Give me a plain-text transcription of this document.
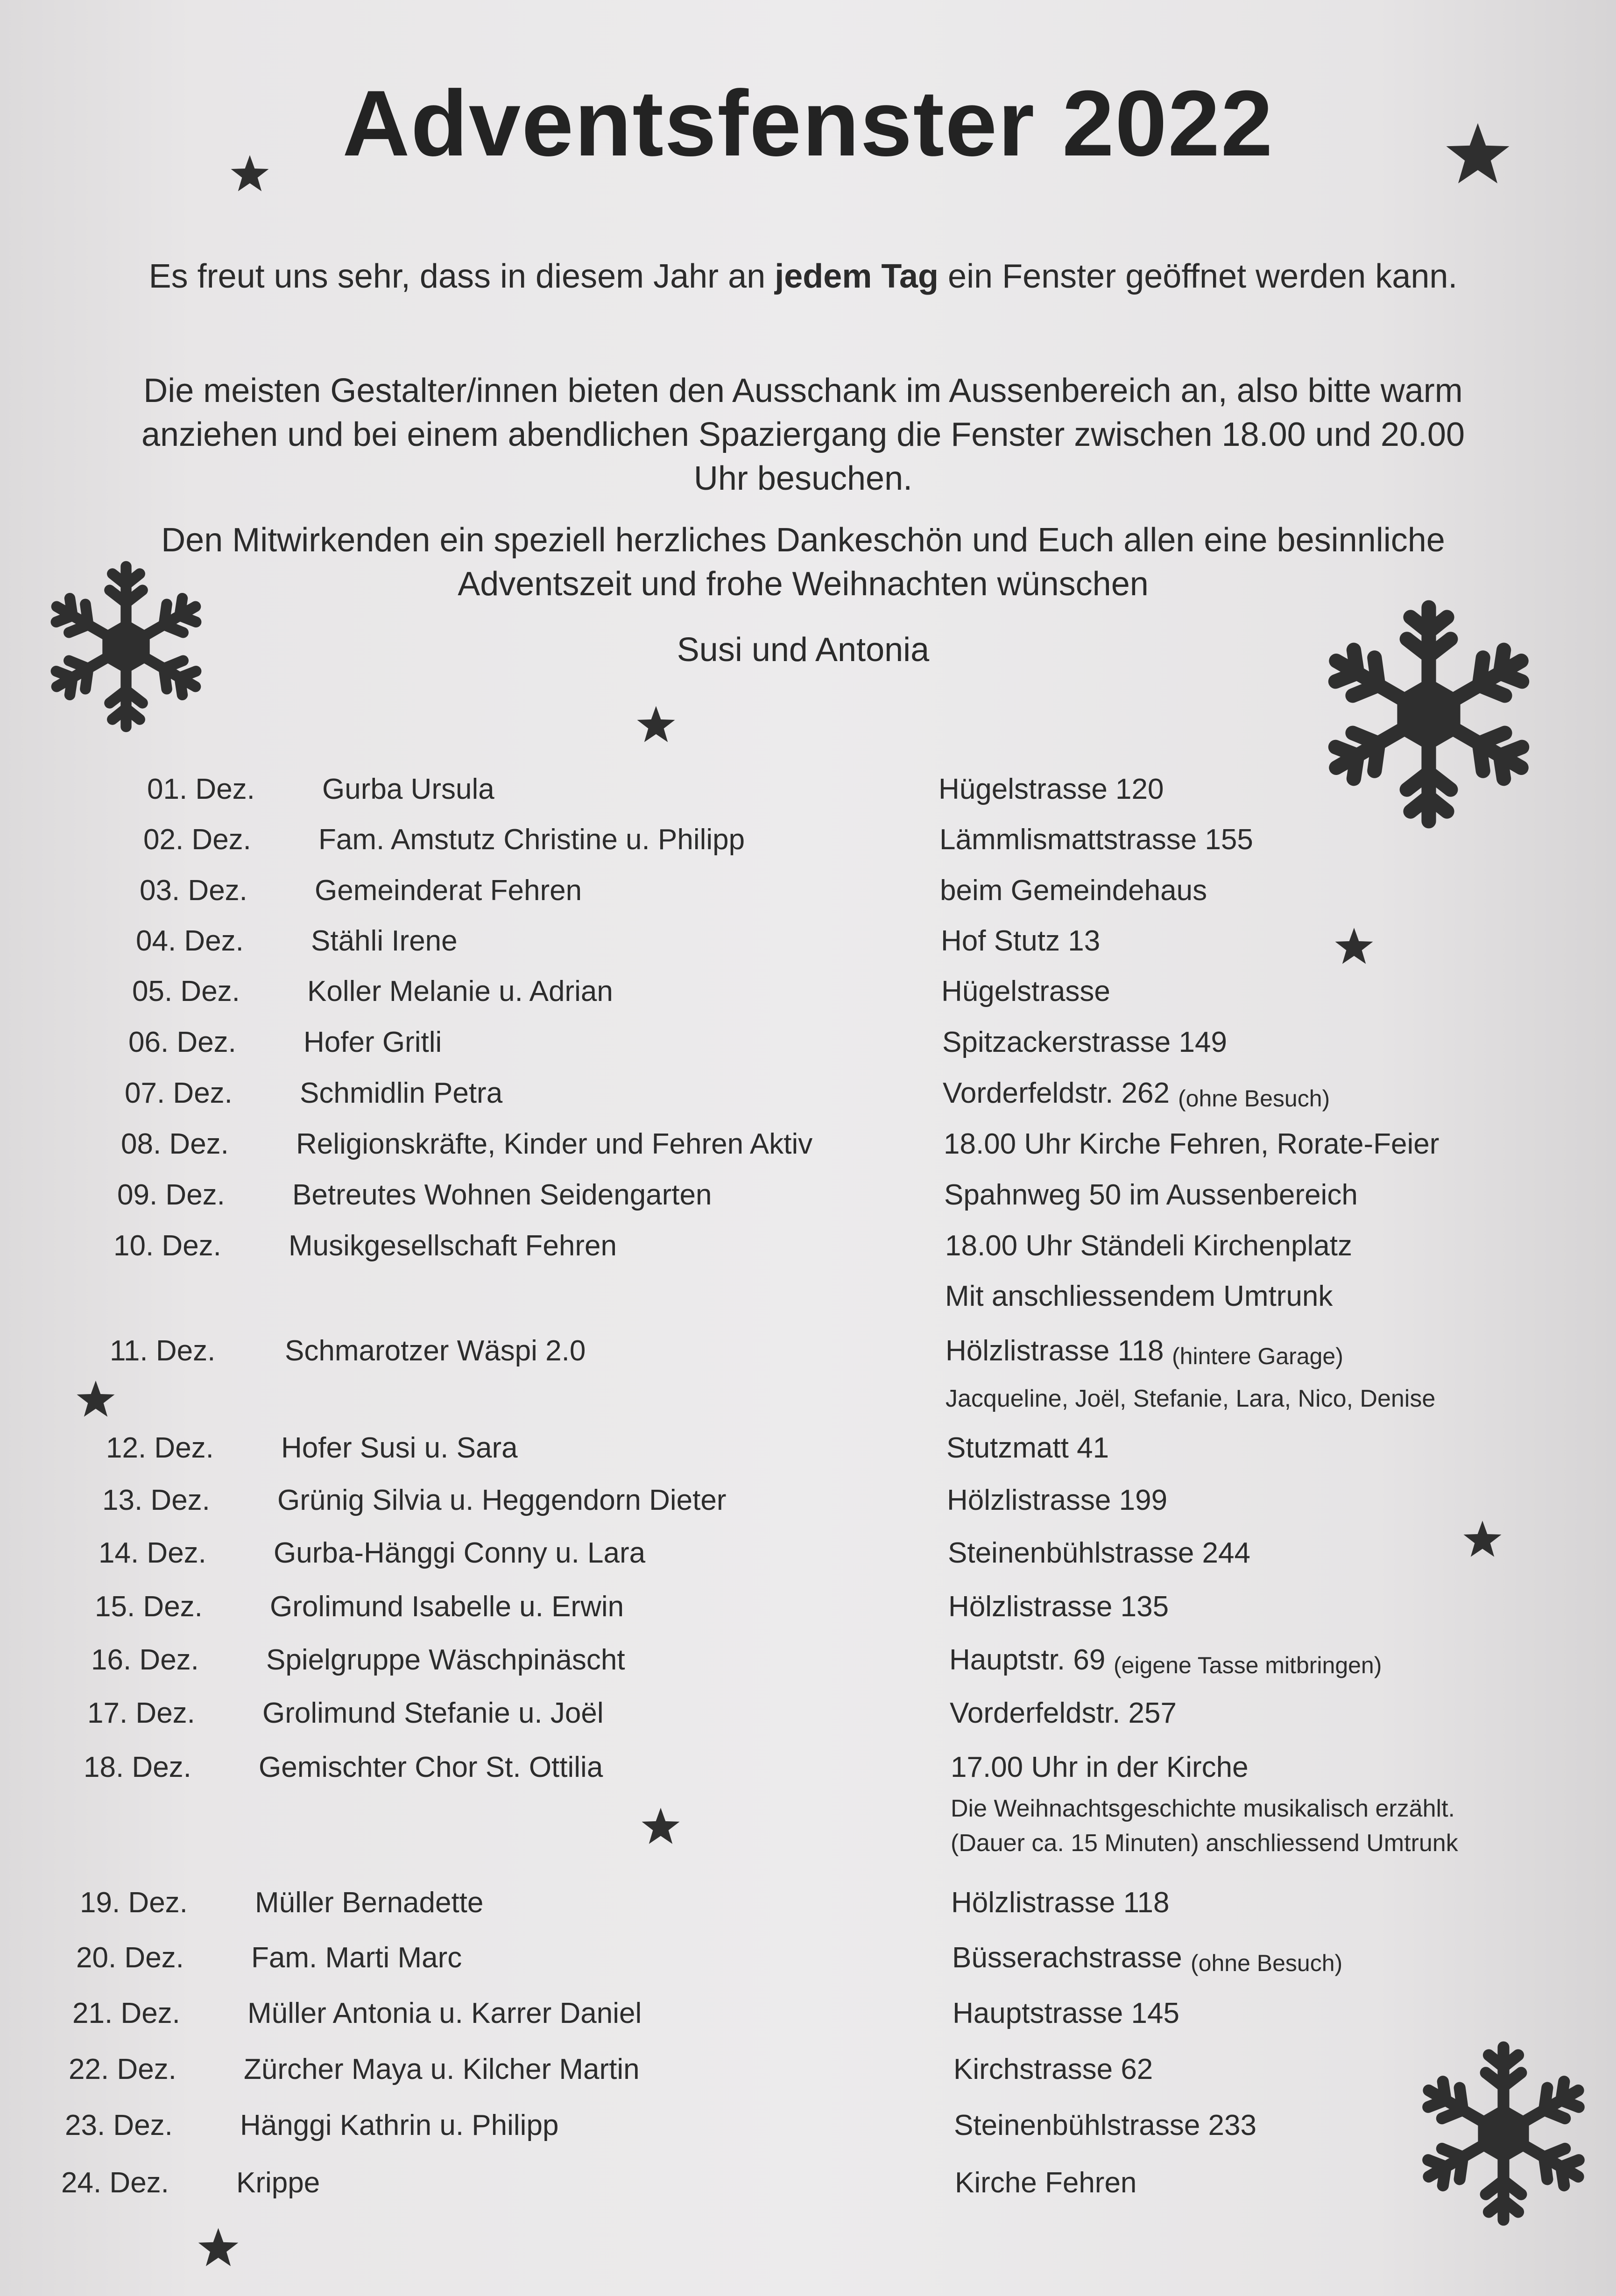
Adventsfenster 2022
Es freut uns sehr, dass in diesem Jahr an jedem Tag ein Fenster geöffnet werden kann.
Die meisten Gestalter/innen bieten den Ausschank im Aussenbereich an, also bitte warm anziehen und bei einem abendlichen Spaziergang die Fenster zwischen 18.00 und 20.00 Uhr besuchen.
Den Mitwirkenden ein speziell herzliches Dankeschön und Euch allen eine besinnliche Adventszeit und frohe Weihnachten wünschen
Susi und Antonia
01. Dez. Gurba Ursula	Hügelstrasse 120
02. Dez. Fam. Amstutz Christine u. Philipp	Lämmlismattstrasse 155
03. Dez. Gemeinderat Fehren	beim Gemeindehaus
04. Dez. Stähli Irene	Hof Stutz 13
05. Dez. Koller Melanie u. Adrian	Hügelstrasse
06. Dez. Hofer Gritli	Spitzackerstrasse 149
07. Dez. Schmidlin Petra	Vorderfeldstr. 262 (ohne Besuch)
08. Dez. Religionskräfte, Kinder und Fehren Aktiv	18.00 Uhr Kirche Fehren, Rorate-Feier
09. Dez. Betreutes Wohnen Seidengarten	Spahnweg 50 im Aussenbereich
10. Dez. Musikgesellschaft Fehren	18.00 Uhr Ständeli Kirchenplatz
Mit anschliessendem Umtrunk
11. Dez. Schmarotzer Wäspi 2.0	Hölzlistrasse 118 (hintere Garage)
Jacqueline, Joël, Stefanie, Lara, Nico, Denise
12. Dez. Hofer Susi u. Sara	Stutzmatt 41
13. Dez. Grünig Silvia u. Heggendorn Dieter	Hölzlistrasse 199
14. Dez. Gurba-Hänggi Conny u. Lara	Steinenbühlstrasse 244
15. Dez. Grolimund Isabelle u. Erwin	Hölzlistrasse 135
16. Dez. Spielgruppe Wäschpinäscht	Hauptstr. 69 (eigene Tasse mitbringen)
17. Dez. Grolimund Stefanie u. Joël	Vorderfeldstr. 257
18. Dez. Gemischter Chor St. Ottilia	17.00 Uhr in der Kirche
Die Weihnachtsgeschichte musikalisch erzählt.
(Dauer ca. 15 Minuten) anschliessend Umtrunk
19. Dez. Müller Bernadette	Hölzlistrasse 118
20. Dez. Fam. Marti Marc	Büsserachstrasse (ohne Besuch)
21. Dez. Müller Antonia u. Karrer Daniel	Hauptstrasse 145
22. Dez. Zürcher Maya u. Kilcher Martin	Kirchstrasse 62
23. Dez. Hänggi Kathrin u. Philipp	Steinenbühlstrasse 233
24. Dez. Krippe	Kirche Fehren
